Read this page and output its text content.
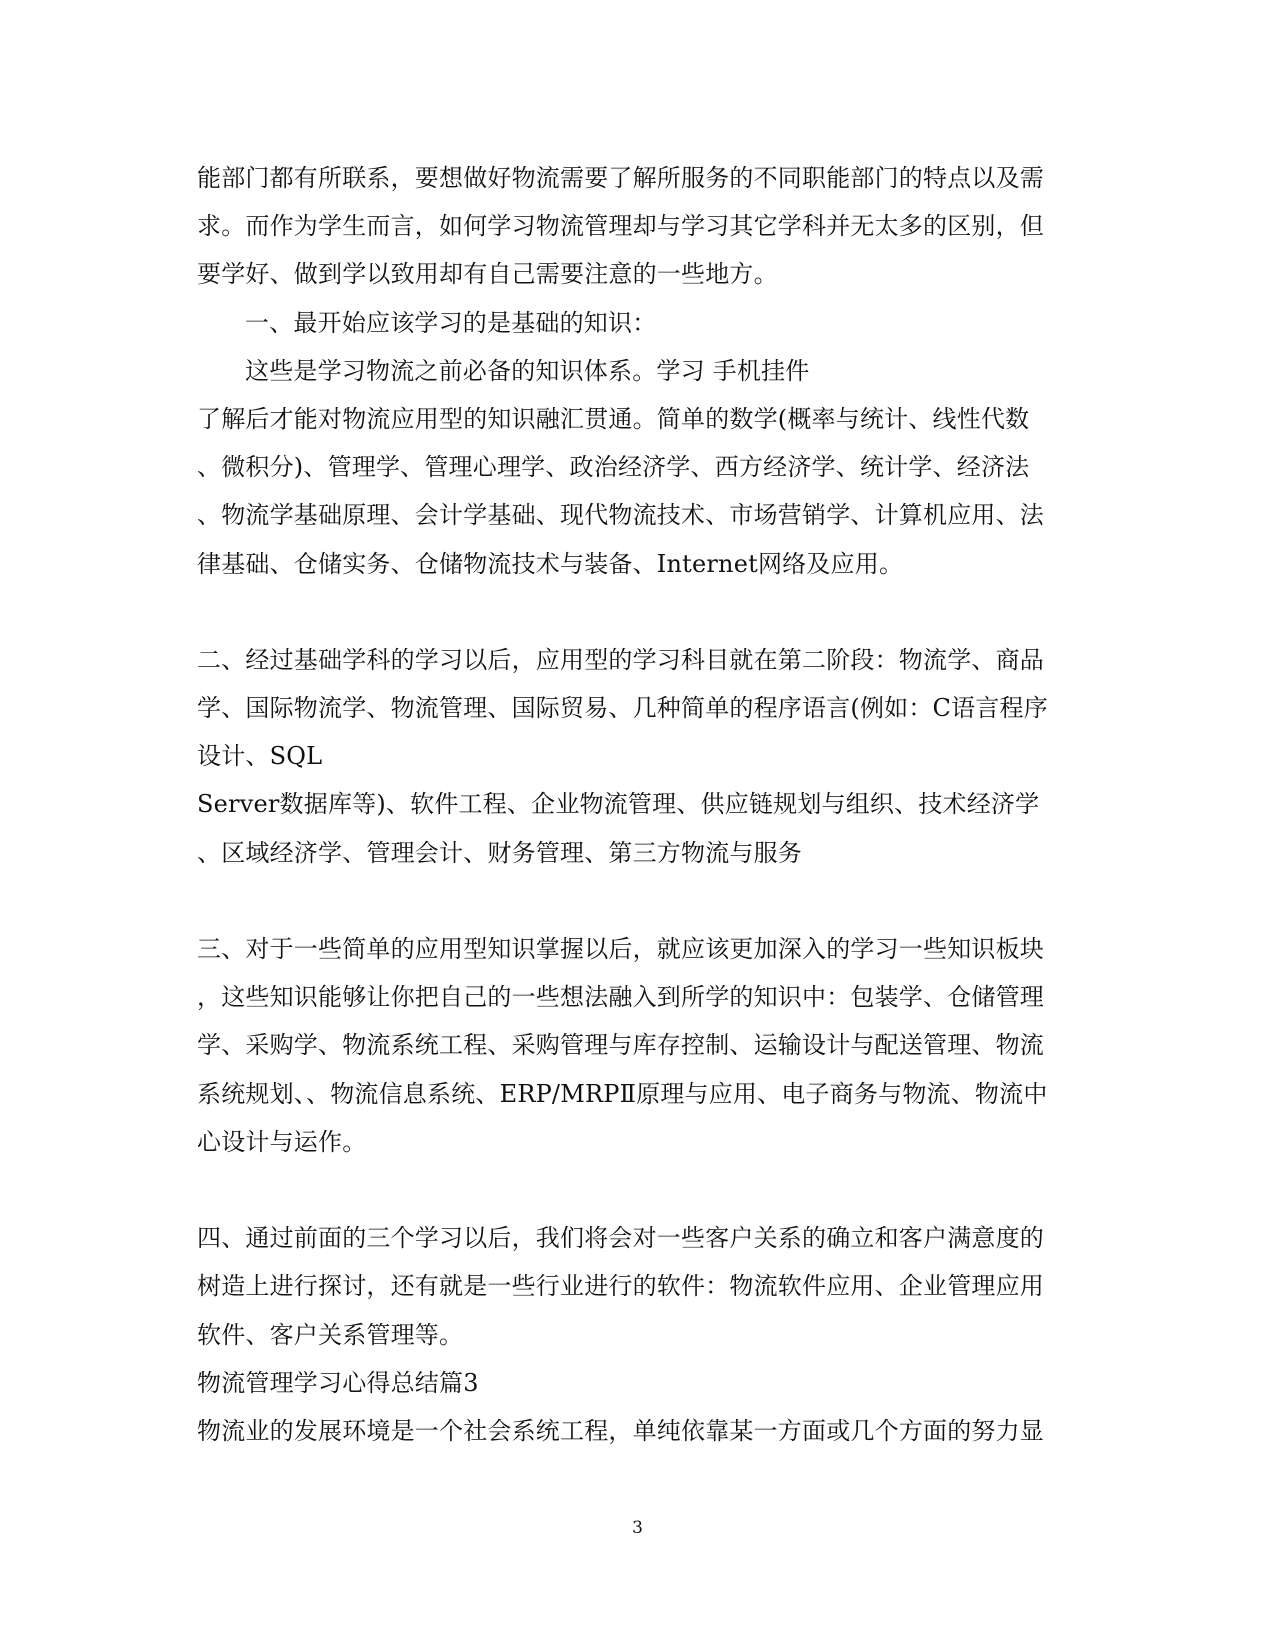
能部门都有所联系，要想做好物流需要了解所服务的不同职能部门的特点以及需
求。而作为学生而言，如何学习物流管理却与学习其它学科并无太多的区别，但
要学好、做到学以致用却有自己需要注意的一些地方。
一、最开始应该学习的是基础的知识：
这些是学习物流之前必备的知识体系。学习 手机挂件
了解后才能对物流应用型的知识融汇贯通。简单的数学(概率与统计、线性代数
、微积分)、管理学、管理心理学、政治经济学、西方经济学、统计学、经济法
、物流学基础原理、会计学基础、现代物流技术、市场营销学、计算机应用、法
律基础、仓储实务、仓储物流技术与装备、Internet网络及应用。
二、经过基础学科的学习以后，应用型的学习科目就在第二阶段：物流学、商品
学、国际物流学、物流管理、国际贸易、几种简单的程序语言(例如：C语言程序
设计、SQL
Server数据库等)、软件工程、企业物流管理、供应链规划与组织、技术经济学
、区域经济学、管理会计、财务管理、第三方物流与服务
三、对于一些简单的应用型知识掌握以后，就应该更加深入的学习一些知识板块
，这些知识能够让你把自己的一些想法融入到所学的知识中：包装学、仓储管理
学、采购学、物流系统工程、采购管理与库存控制、运输设计与配送管理、物流
系统规划、、物流信息系统、ERP/MRPⅡ原理与应用、电子商务与物流、物流中
心设计与运作。
四、通过前面的三个学习以后，我们将会对一些客户关系的确立和客户满意度的
树造上进行探讨，还有就是一些行业进行的软件：物流软件应用、企业管理应用
软件、客户关系管理等。
物流管理学习心得总结篇3
物流业的发展环境是一个社会系统工程，单纯依靠某一方面或几个方面的努力显
3
